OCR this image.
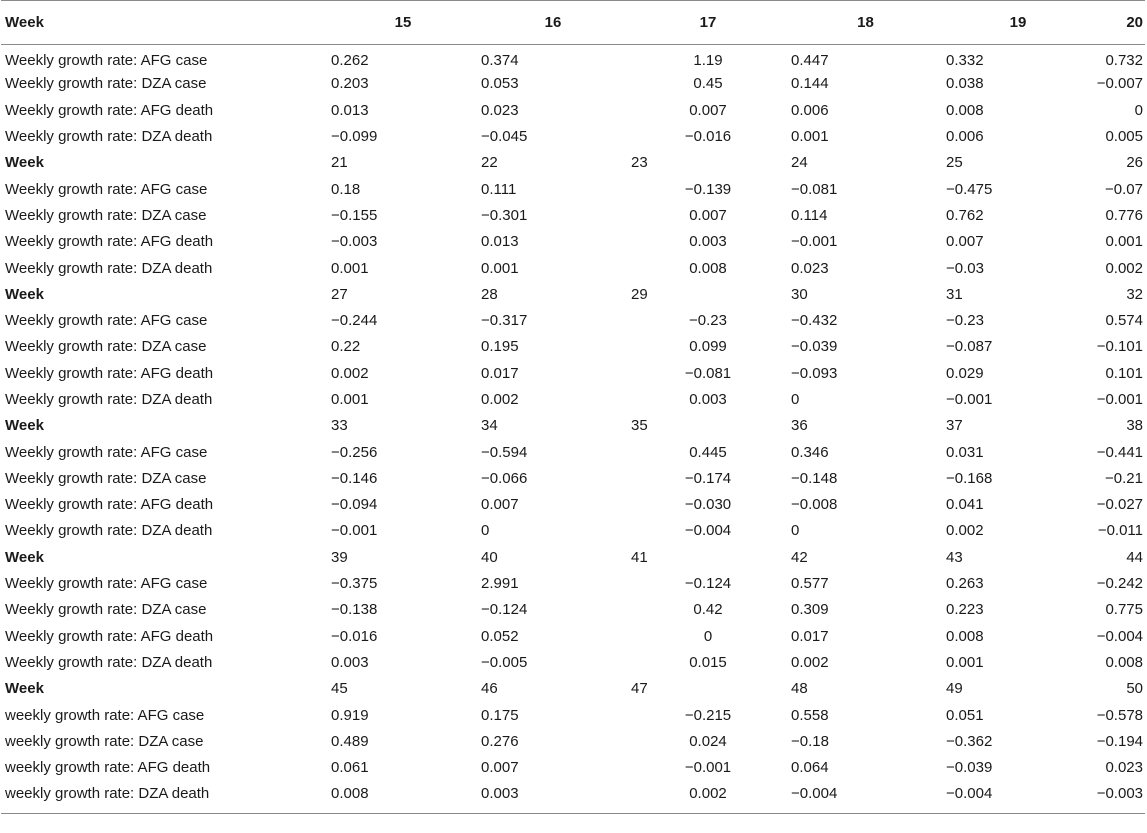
Week	15	16	17	18	19	20
Weekly growth rate: AFG case	0.262	0.374	1.19	0.447	0.332	0.732
Weekly growth rate: DZA case	0.203	0.053	0.45	0.144	0.038	−0.007
Weekly growth rate: AFG death	0.013	0.023	0.007	0.006	0.008	0
Weekly growth rate: DZA death	−0.099	−0.045	−0.016	0.001	0.006	0.005
Week	21	22	23	24	25	26
Weekly growth rate: AFG case	0.18	0.111	−0.139	−0.081	−0.475	−0.07
Weekly growth rate: DZA case	−0.155	−0.301	0.007	0.114	0.762	0.776
Weekly growth rate: AFG death	−0.003	0.013	0.003	−0.001	0.007	0.001
Weekly growth rate: DZA death	0.001	0.001	0.008	0.023	−0.03	0.002
Week	27	28	29	30	31	32
Weekly growth rate: AFG case	−0.244	−0.317	−0.23	−0.432	−0.23	0.574
Weekly growth rate: DZA case	0.22	0.195	0.099	−0.039	−0.087	−0.101
Weekly growth rate: AFG death	0.002	0.017	−0.081	−0.093	0.029	0.101
Weekly growth rate: DZA death	0.001	0.002	0.003	0	−0.001	−0.001
Week	33	34	35	36	37	38
Weekly growth rate: AFG case	−0.256	−0.594	0.445	0.346	0.031	−0.441
Weekly growth rate: DZA case	−0.146	−0.066	−0.174	−0.148	−0.168	−0.21
Weekly growth rate: AFG death	−0.094	0.007	−0.030	−0.008	0.041	−0.027
Weekly growth rate: DZA death	−0.001	0	−0.004	0	0.002	−0.011
Week	39	40	41	42	43	44
Weekly growth rate: AFG case	−0.375	2.991	−0.124	0.577	0.263	−0.242
Weekly growth rate: DZA case	−0.138	−0.124	0.42	0.309	0.223	0.775
Weekly growth rate: AFG death	−0.016	0.052	0	0.017	0.008	−0.004
Weekly growth rate: DZA death	0.003	−0.005	0.015	0.002	0.001	0.008
Week	45	46	47	48	49	50
weekly growth rate: AFG case	0.919	0.175	−0.215	0.558	0.051	−0.578
weekly growth rate: DZA case	0.489	0.276	0.024	−0.18	−0.362	−0.194
weekly growth rate: AFG death	0.061	0.007	−0.001	0.064	−0.039	0.023
weekly growth rate: DZA death	0.008	0.003	0.002	−0.004	−0.004	−0.003
